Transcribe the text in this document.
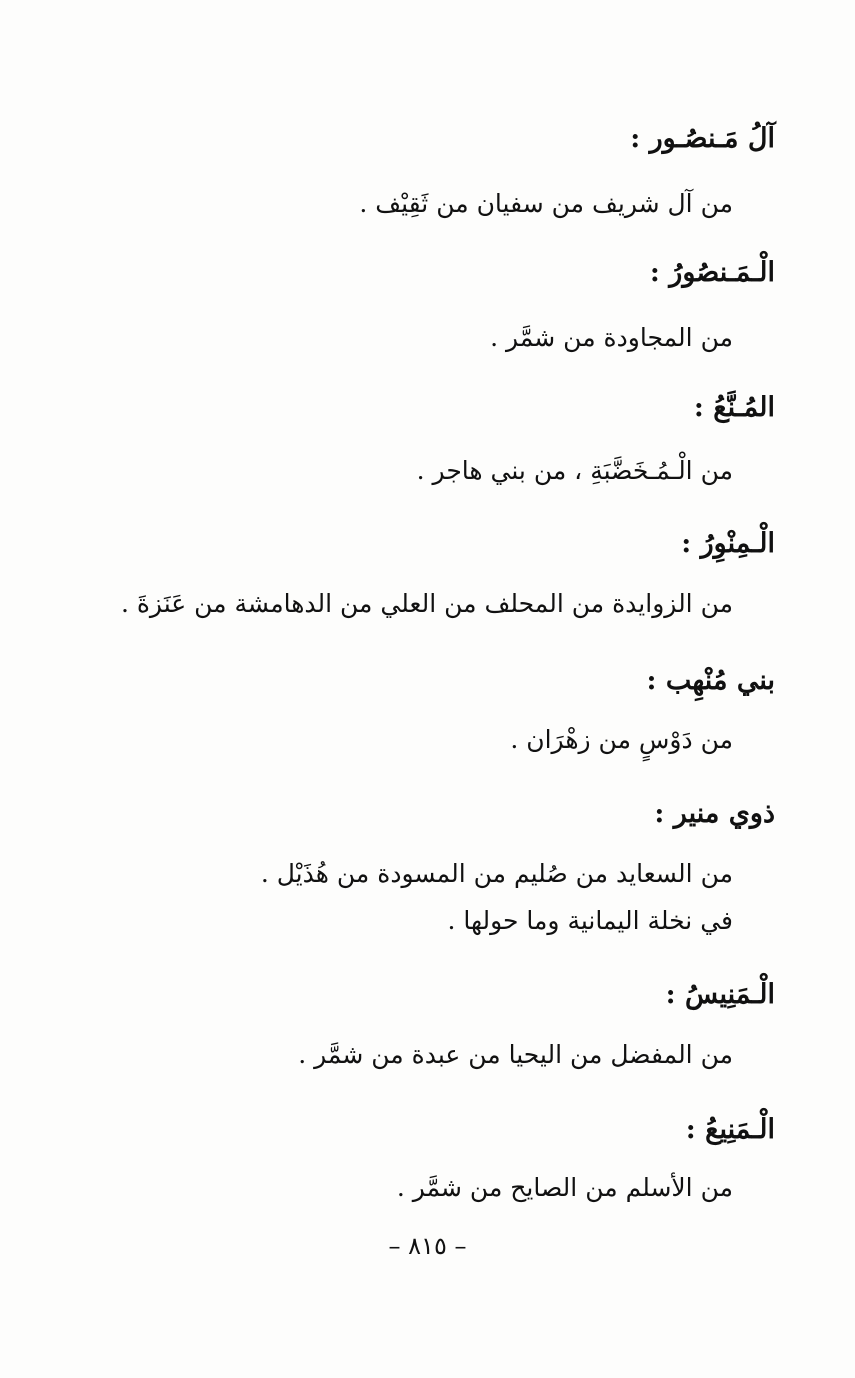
آلُ مَـنصُـور :

من آل شريف من سفيان من ثَقِيْف .

الْـمَـنصُورُ :

من المجاودة من شمَّر .

المُـنَّعُ :

من الْـمُـخَضَّبَةِ ، من بني هاجر .

الْـمِنْوِرُ :

من الزوايدة من المحلف من العلي من الدهامشة من عَنَزةَ .

بني مُنْهِب :

من دَوْسٍ من زهْرَان .

ذوي منير :

من السعايد من صُليم من المسودة من هُذَيْل .

في نخلة اليمانية وما حولها .

الْـمَنِيسُ :

من المفضل من اليحيا من عبدة من شمَّر .

الْـمَنِيعُ :

من الأسلم من الصايح من شمَّر .

– ٨١٥ –
